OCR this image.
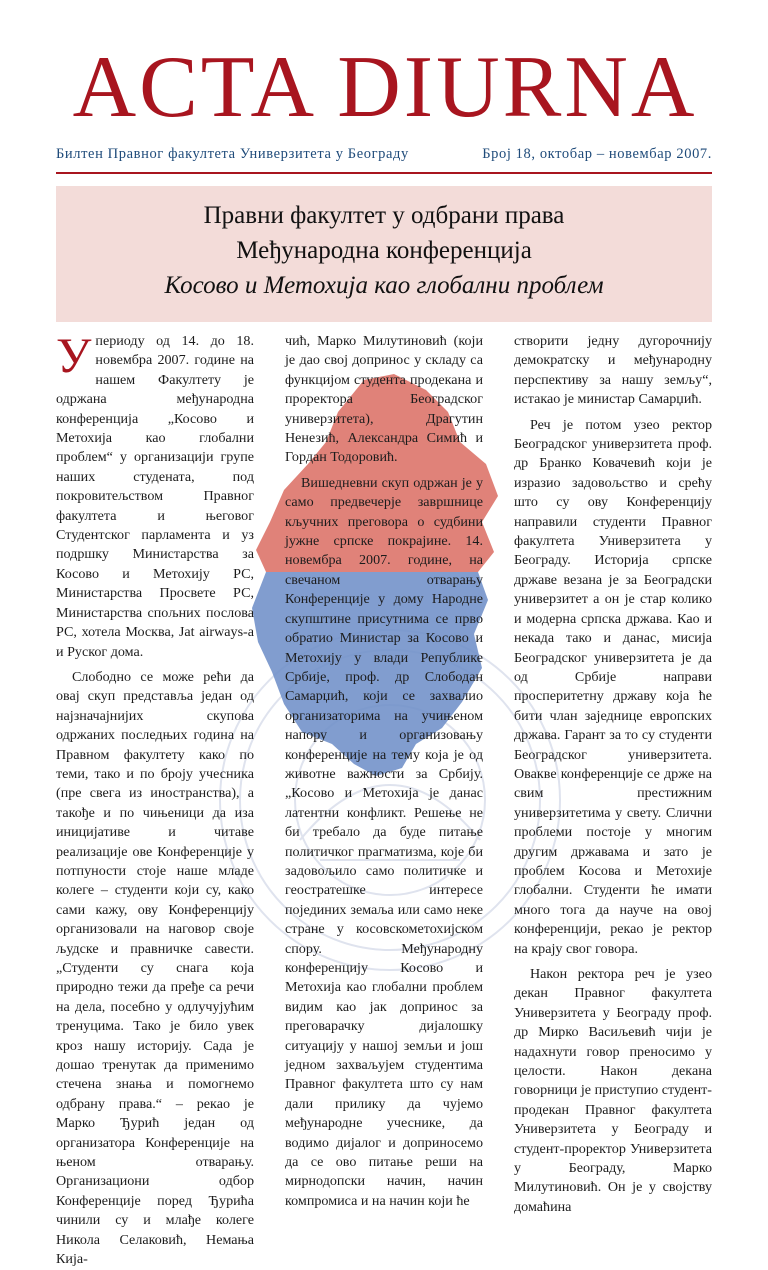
ACTA DIURNA
Билтен Правног факултета Универзитета у Београду	Број 18, октобар – новембар 2007.
Правни факултет у одбрани права
Међународна конференција
Косово и Метохија као глобални проблем

У периоду од 14. до 18. новембра 2007. године на нашем Факултету је одржана међународна конференција „Косово и Метохија као глобални проблем“ у организацији групе наших студената, под покровитељством Правног факултета и његовог Студентског парламента и уз подршку Министарства за Косово и Метохију РС, Министарства Просвете РС, Министарства спољних послова РС, хотела Москва, Jat airways-а и Руског дома.

Слободно се може рећи да овај скуп представља један од најзначајнијих скупова одржаних последњих година на Правном факултету како по теми, тако и по броју учесника (пре свега из иностранства), а такође и по чињеници да иза иницијативе и читаве реализације ове Конференције у потпуности стоје наше младе колеге – студенти који су, како сами кажу, ову Конференцију организовали на наговор своје људске и правничке савести. „Студенти су снага која природно тежи да пређе са речи на дела, посебно у одлучујућим тренуцима. Тако је било увек кроз нашу историју. Сада је дошао тренутак да применимо стечена знања и помогнемо одбрану права.“ – рекао је Марко Ђурић један од организатора Конференције на њеном отварању. Организациони одбор Конференције поред Ђурића чинили су и млађе колеге Никола Селаковић, Немања Кија-

чић, Марко Милутиновић (који је дао свој допринос у складу са функцијом студента продекана и проректора Београдског универзитета), Драгутин Ненезић, Александра Симић и Гордан Тодоровић.

Вишедневни скуп одржан је у само предвечерје завршнице кључних преговора о судбини јужне српске покрајине. 14. новембра 2007. године, на свечаном отварању Конференције у дому Народне скупштине присутнима се прво обратио Министар за Косово и Метохију у влади Републике Србије, проф. др Слободан Самарџић, који се захвалио организаторима на учињеном напору и организовању конференције на тему која је од животне важности за Србију. „Косово и Метохија је данас латентни конфликт. Решење не би требало да буде питање политичког прагматизма, које би задовољило само политичке и геостратешке интересе појединих земаља или само неке стране у косовскометохијском спору. Међународну конференцију Косово и Метохија као глобални проблем видим као јак допринос за преговарачку дијалошку ситуацију у нашој земљи и још једном захваљујем студентима Правног факултета што су нам дали прилику да чујемо међународне учеснике, да водимо дијалог и доприносемо да се ово питање реши на мирнодопски начин, начин компромиса и на начин који ће

створити једну дугорочнију демократску и међународну перспективу за нашу земљу“, истакао је министар Самарџић.

Реч је потом узео ректор Београдског универзитета проф. др Бранко Ковачевић који је изразио задовољство и срећу што су ову Конференцију направили студенти Правног факултета Универзитета у Београду. Историја српске државе везана је за Београдски универзитет а он је стар колико и модерна српска држава. Као и некада тако и данас, мисија Београдског универзитета је да од Србије направи просперитетну државу која ће бити члан заједнице европских држава. Гарант за то су студенти Београдског универзитета. Овакве конференције се држе на свим престижним универзитетима у свету. Слични проблеми постоје у многим другим државама и зато је проблем Косова и Метохије глобални. Студенти ће имати много тога да науче на овој конференцији, рекао је ректор на крају свог говора.

Након ректора реч је узео декан Правног факултета Универзитета у Београду проф. др Мирко Васиљевић чији је надахнути говор преносимо у целости. Након декана говорници је приступио студент-продекан Правног факултета Универзитета у Београду и студент-проректор Универзитета у Београду, Марко Милутиновић. Он је у својству домаћина
